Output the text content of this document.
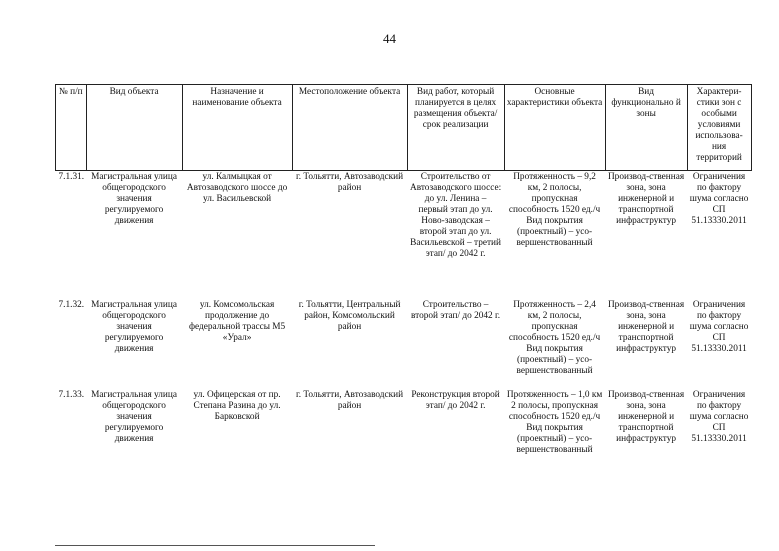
44
№ п/п	Вид объекта	Назначение и наименование объекта	Местоположение объекта	Вид работ, который планируется в целях размещения объекта/срок реализации	Основные характеристики объекта	Вид функционально й зоны	Характери-стики зон с особыми условиями использова-ния территорий
7.1.31.	Магистральная улица общегородского значения регулируемого движения	ул. Калмыцкая от Автозаводского шоссе до ул. Васильевской	г. Тольятти, Автозаводский район	Строительство от Автозаводского шоссе: до ул. Ленина – первый этап до ул. Ново-заводская – второй этап до ул. Васильевской – третий этап/ до 2042 г.	Протяженность – 9,2 км, 2 полосы, пропускная способность 1520 ед./ч Вид покрытия (проектный) – усо-вершенствованный	Производ-ственная зона, зона инженерной и транспортной инфраструктур	Ограничения по фактору шума согласно СП 51.13330.2011
7.1.32.	Магистральная улица общегородского значения регулируемого движения	ул. Комсомольская продолжение до федеральной трассы М5 «Урал»	г. Тольятти, Центральный район, Комсомольский район	Строительство – второй этап/ до 2042 г.	Протяженность – 2,4 км, 2 полосы, пропускная способность 1520 ед./ч Вид покрытия (проектный) – усо-вершенствованный	Производ-ственная зона, зона инженерной и транспортной инфраструктур	Ограничения по фактору шума согласно СП 51.13330.2011
7.1.33.	Магистральная улица общегородского значения регулируемого движения	ул. Офицерская от пр. Степана Разина до ул. Барковской	г. Тольятти, Автозаводский район	Реконструкция второй этап/ до 2042 г.	Протяженность – 1,0 км 2 полосы, пропускная способность 1520 ед./ч Вид покрытия (проектный) – усо-вершенствованный	Производ-ственная зона, зона инженерной и транспортной инфраструктур	Ограничения по фактору шума согласно СП 51.13330.2011
